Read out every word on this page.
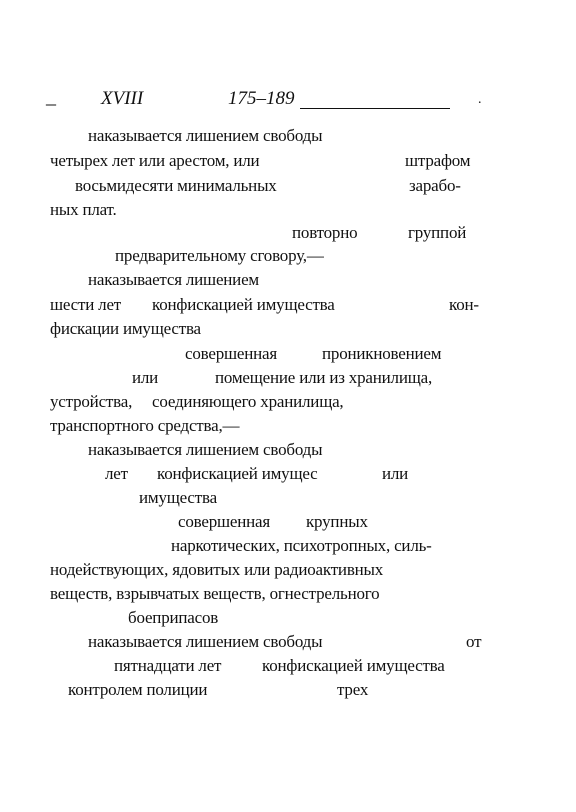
_ XVIII	175–189	.
наказывается лишением свободы
четырех лет или арестом, или	штрафом
восьмидесяти минимальных	зарабо-
ных плат.
повторно	группой
предварительному сговору,—
наказывается лишением
шести лет конфискацией имущества	кон-
фискации имущества
совершенная	проникновением
или	помещение или из хранилища,
устройства, соединяющего хранилища,
транспортного средства,—
наказывается лишением свободы
лет конфискацией имущес	или
имущества
совершенная крупных
наркотических, психотропных, силь-
нодействующих, ядовитых или радиоактивных
веществ, взрывчатых веществ, огнестрельного
боеприпасов
наказывается лишением свободы	от
пятнадцати лет конфискацией имущества
контролем полиции	трех
